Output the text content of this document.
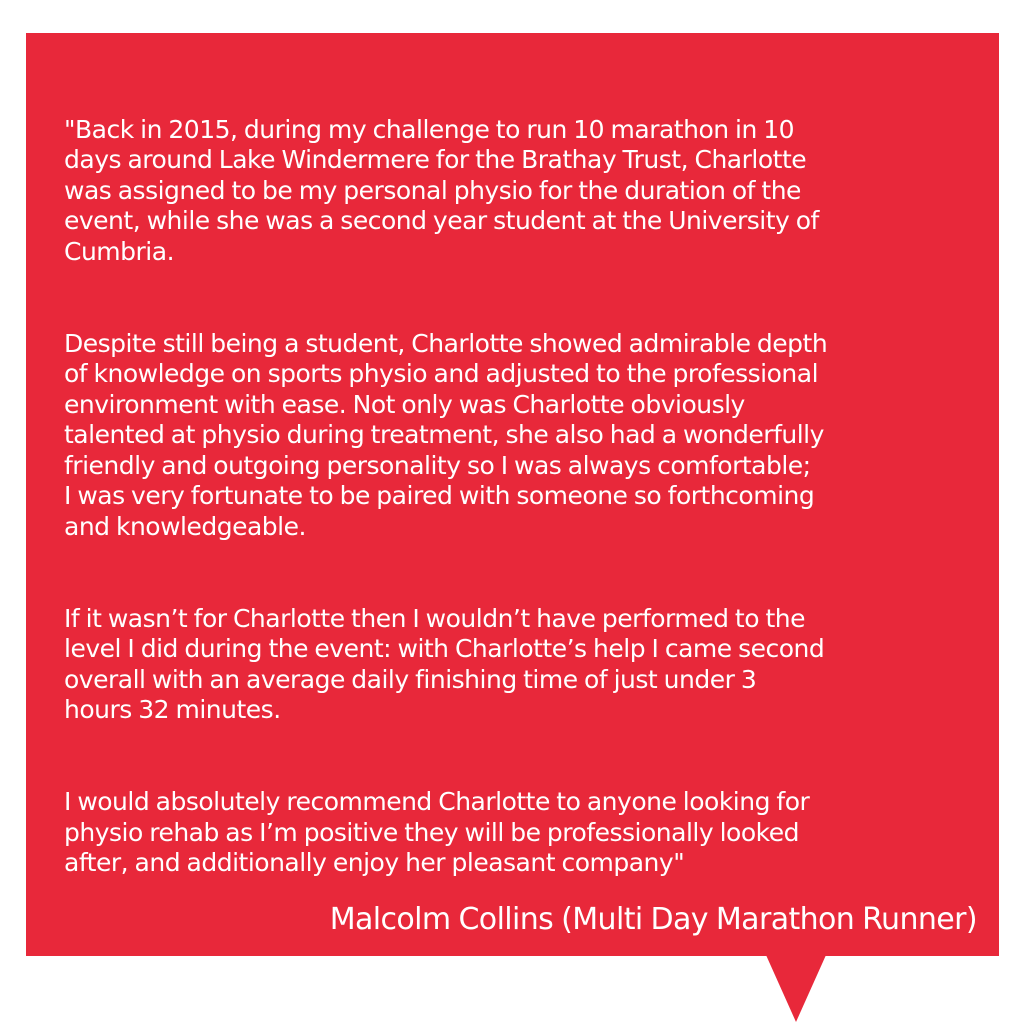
"Back in 2015, during my challenge to run 10 marathon in 10
days around Lake Windermere for the Brathay Trust, Charlotte
was assigned to be my personal physio for the duration of the
event, while she was a second year student at the University of
Cumbria.

Despite still being a student, Charlotte showed admirable depth
of knowledge on sports physio and adjusted to the professional
environment with ease. Not only was Charlotte obviously
talented at physio during treatment, she also had a wonderfully
friendly and outgoing personality so I was always comfortable;
I was very fortunate to be paired with someone so forthcoming
and knowledgeable.

If it wasn’t for Charlotte then I wouldn’t have performed to the
level I did during the event: with Charlotte’s help I came second
overall with an average daily finishing time of just under 3
hours 32 minutes.

I would absolutely recommend Charlotte to anyone looking for
physio rehab as I’m positive they will be professionally looked
after, and additionally enjoy her pleasant company"

Malcolm Collins (Multi Day Marathon Runner)
